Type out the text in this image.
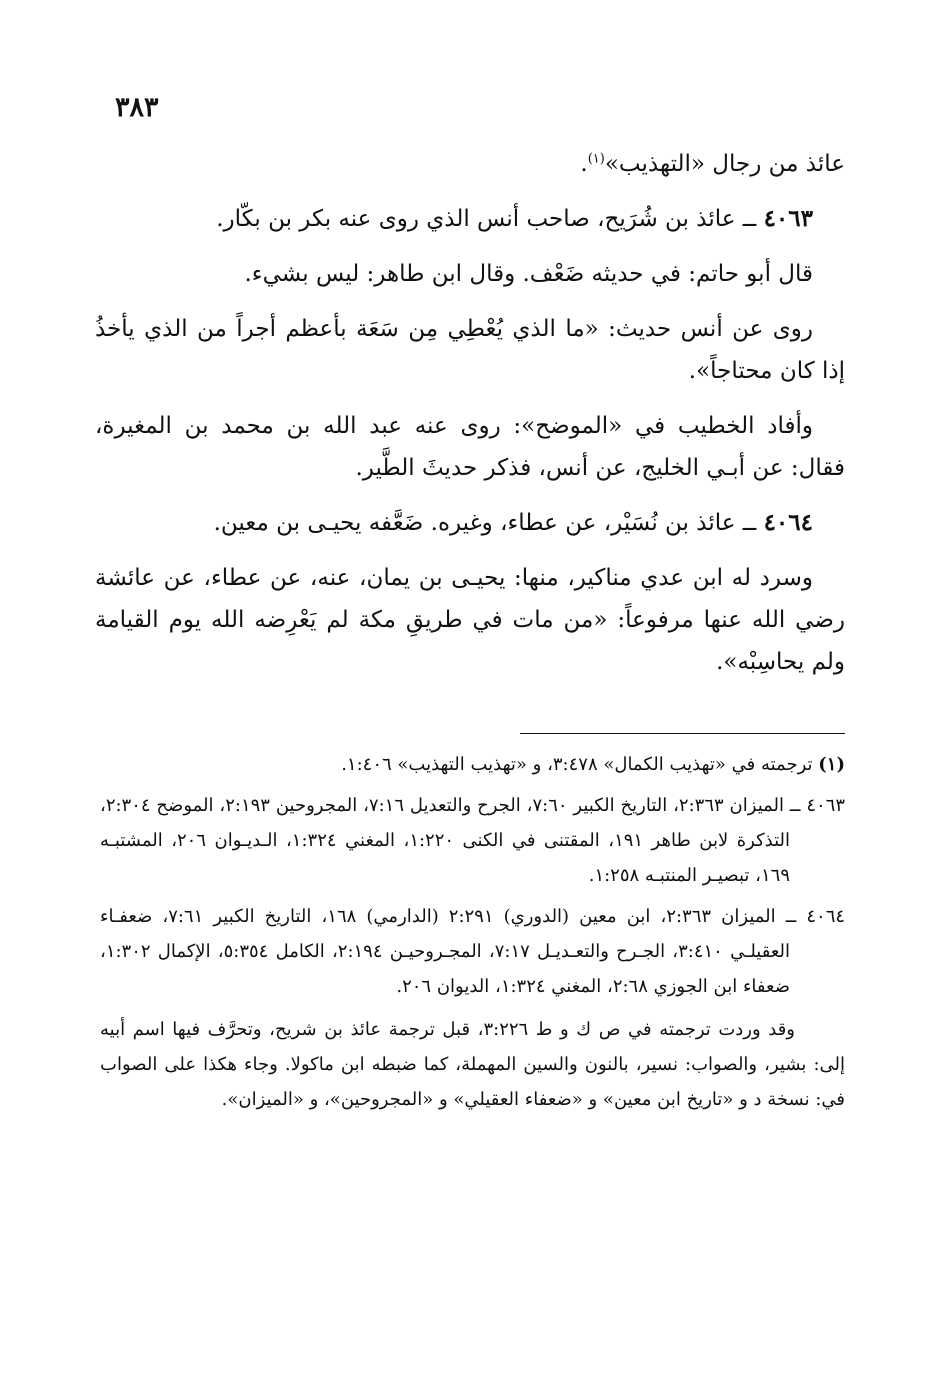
٣٨٣

عائذ من رجال «التهذيب»$^{(١)}$.

٤٠٦٣ ــ عائذ بن شُرَيح، صاحب أنس الذي روى عنه بكر بن بكّار.

قال أبو حاتم: في حديثه ضَعْف. وقال ابن طاهر: ليس بشيء.

روى عن أنس حديث: «ما الذي يُعْطِي مِن سَعَة بأعظم أجراً من الذي يأخذُ إذا كان محتاجاً».

وأفاد الخطيب في «الموضح»: روى عنه عبد الله بن محمد بن المغيرة، فقال: عن أبـي الخليج، عن أنس، فذكر حديثَ الطَّير.

٤٠٦٤ ــ عائذ بن نُسَيْر، عن عطاء، وغيره. ضَعَّفه يحيـى بن معين.

وسرد له ابن عدي مناكير، منها: يحيـى بن يمان، عنه، عن عطاء، عن عائشة رضي الله عنها مرفوعاً: «من مات في طريقِ مكة لم يَعْرِضه الله يوم القيامة ولم يحاسِبْه».

(١) ترجمته في «تهذيب الكمال» ٣:٤٧٨، و «تهذيب التهذيب» ١:٤٠٦.

٤٠٦٣ ــ الميزان ٢:٣٦٣، التاريخ الكبير ٧:٦٠، الجرح والتعديل ٧:١٦، المجروحين ٢:١٩٣، الموضح ٢:٣٠٤، التذكرة لابن طاهر ١٩١، المقتنى في الكنى ١:٢٢٠، المغني ١:٣٢٤، الـديـوان ٢٠٦، المشتبـه ١٦٩، تبصيـر المنتبـه ١:٢٥٨.

٤٠٦٤ ــ الميزان ٢:٣٦٣، ابن معين (الدوري) ٢:٢٩١ (الدارمي) ١٦٨، التاريخ الكبير ٧:٦١، ضعفـاء العقيلـي ٣:٤١٠، الجـرح والتعـديـل ٧:١٧، المجـروحيـن ٢:١٩٤، الكامل ٥:٣٥٤، الإكمال ١:٣٠٢، ضعفاء ابن الجوزي ٢:٦٨، المغني ١:٣٢٤، الديوان ٢٠٦.

وقد وردت ترجمته في ص ك و ط ٣:٢٢٦، قبل ترجمة عائذ بن شريح، وتحرَّف فيها اسم أبيه إلى: بشير، والصواب: نسير، بالنون والسين المهملة، كما ضبطه ابن ماكولا. وجاء هكذا على الصواب في: نسخة د و «تاريخ ابن معين» و «ضعفاء العقيلي» و «المجروحين»، و «الميزان».
